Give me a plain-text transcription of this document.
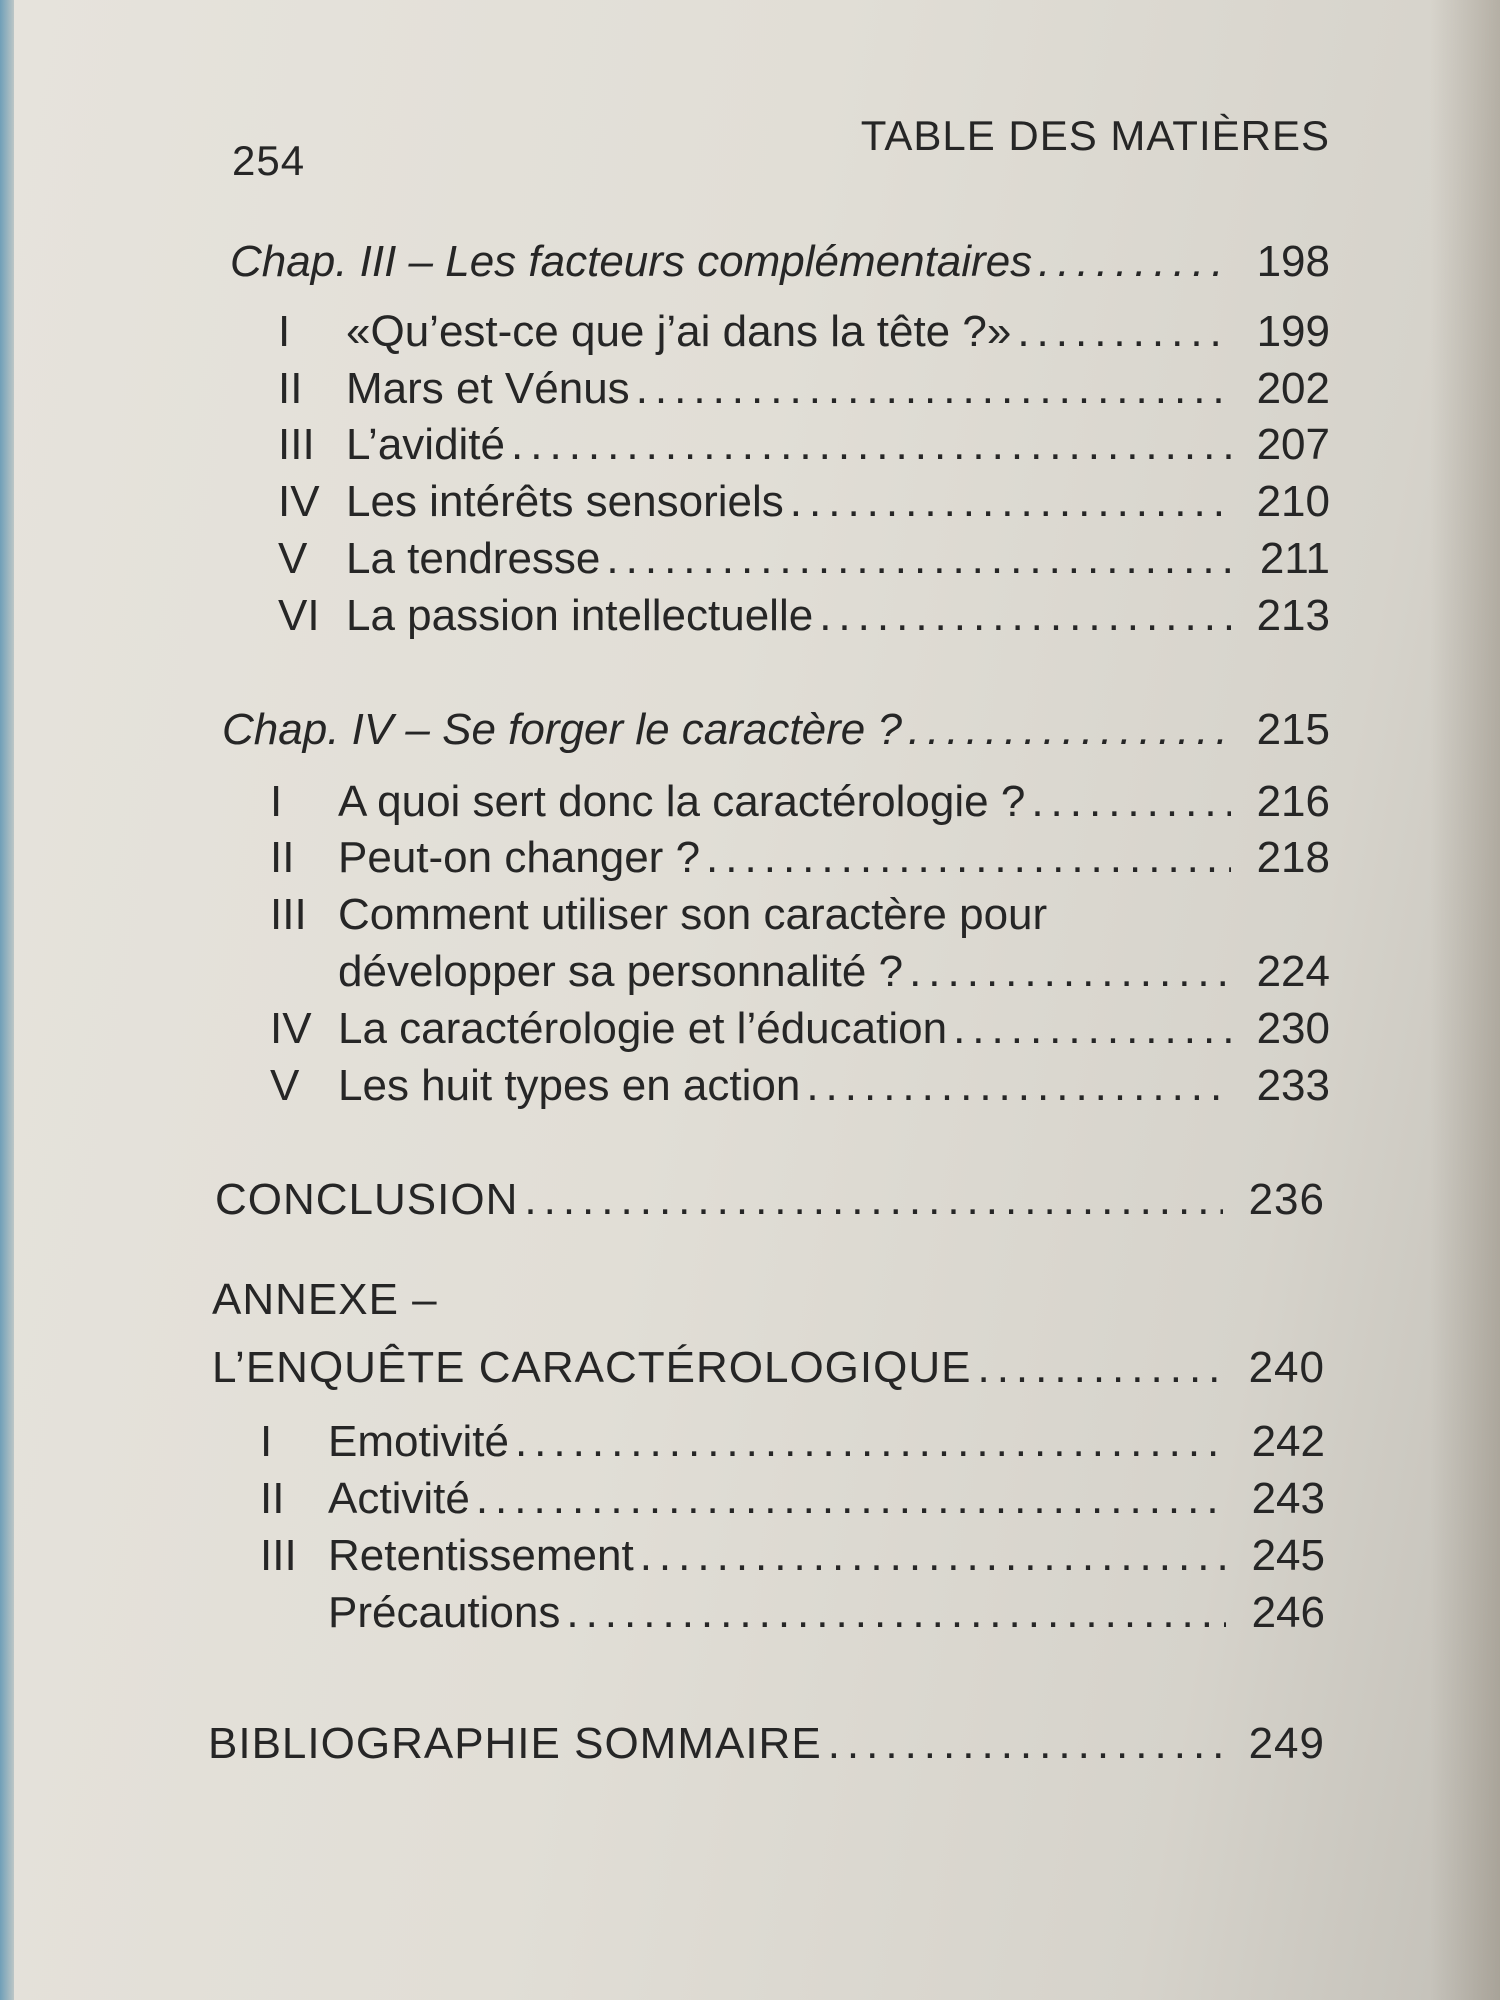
254
TABLE DES MATIÈRES
Chap. III – Les facteurs complémentaires .....	198
I	«Qu’est-ce que j’ai dans la tête ?» .....	199
II Mars et Vénus .....	202
III L’avidité .....	207
IV Les intérêts sensoriels .....	210
V La tendresse .....	211
VI La passion intellectuelle .....	213
Chap. IV – Se forger le caractère ? .....	215
I	A quoi sert donc la caractérologie ? .....	216
II Peut-on changer ? .....	218
III Comment utiliser son caractère pour
développer sa personnalité ? .....	224
IV La caractérologie et l’éducation .....	230
V Les huit types en action .....	233
CONCLUSION .....	236
ANNEXE –
L’ENQUÊTE CARACTÉROLOGIQUE .....	240
I	Emotivité .....	242
II Activité .....	243
III Retentissement .....	245
Précautions .....	246
BIBLIOGRAPHIE SOMMAIRE .....	249
